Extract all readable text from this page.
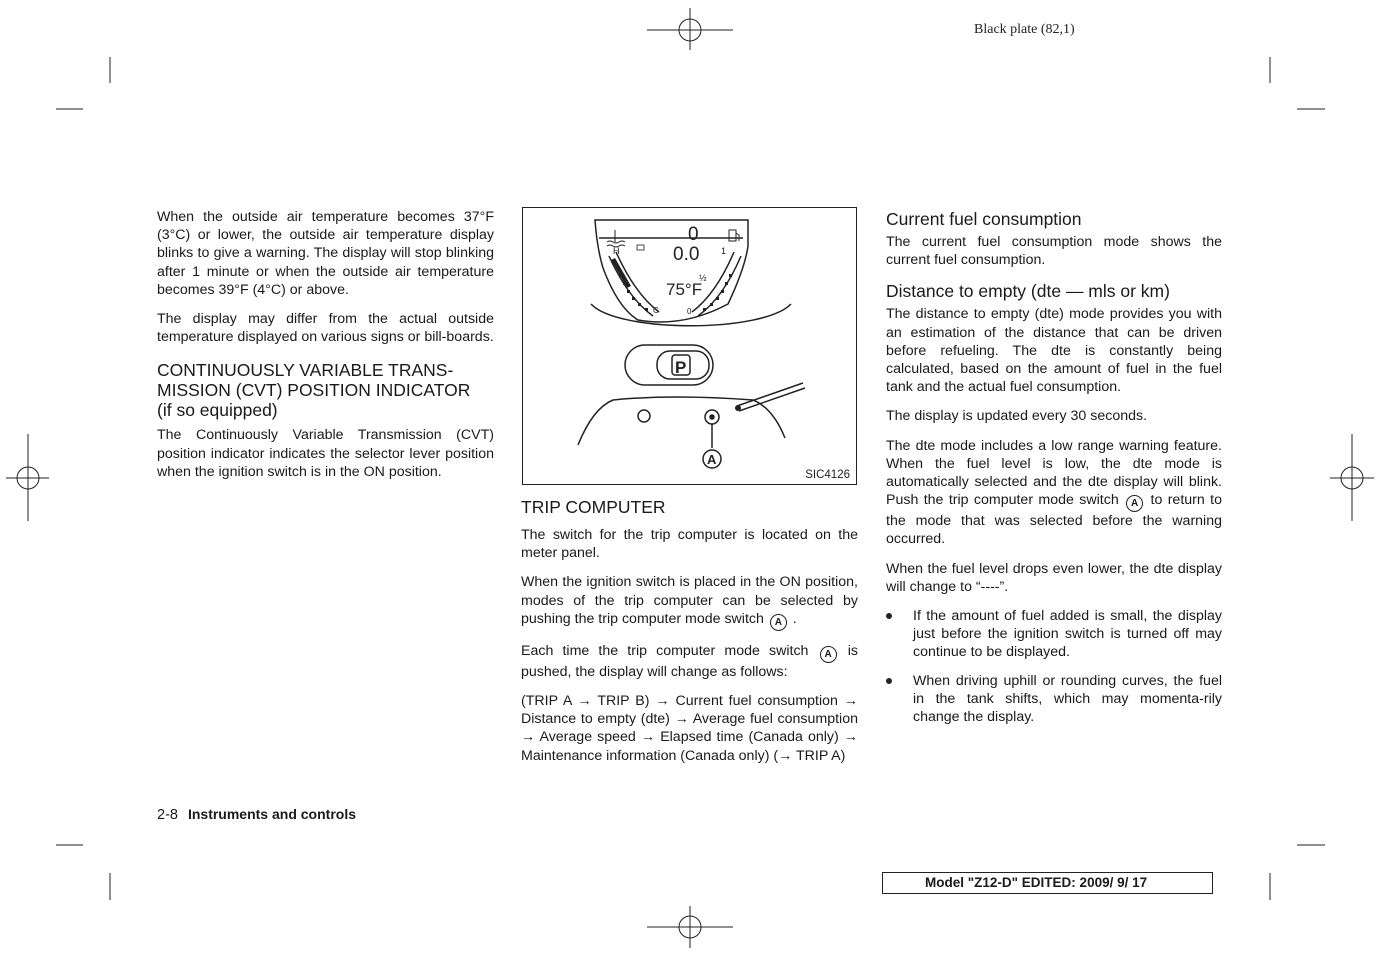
Black plate (82,1)

When the outside air temperature becomes 37°F (3°C) or lower, the outside air temperature display blinks to give a warning. The display will stop blinking after 1 minute or when the outside air temperature becomes 39°F (4°C) or above.

The display may differ from the actual outside temperature displayed on various signs or bill-boards.

CONTINUOUSLY VARIABLE TRANS-
MISSION (CVT) POSITION INDICATOR
(if so equipped)

The Continuously Variable Transmission (CVT) position indicator indicates the selector lever position when the ignition switch is in the ON position.

H
C
1
½
0
0
0.0
75°F
P
A
SIC4126
TRIP COMPUTER

The switch for the trip computer is located on the meter panel.

When the ignition switch is placed in the ON position, modes of the trip computer can be selected by pushing the trip computer mode switch A .

Each time the trip computer mode switch A is pushed, the display will change as follows:

(TRIP A → TRIP B) → Current fuel consumption → Distance to empty (dte) → Average fuel consumption → Average speed → Elapsed time (Canada only) → Maintenance information (Canada only) (→ TRIP A)

Current fuel consumption

The current fuel consumption mode shows the current fuel consumption.

Distance to empty (dte — mls or km)

The distance to empty (dte) mode provides you with an estimation of the distance that can be driven before refueling. The dte is constantly being calculated, based on the amount of fuel in the fuel tank and the actual fuel consumption.

The display is updated every 30 seconds.

The dte mode includes a low range warning feature. When the fuel level is low, the dte mode is automatically selected and the dte display will blink. Push the trip computer mode switch A to return to the mode that was selected before the warning occurred.

When the fuel level drops even lower, the dte display will change to “----”.

If the amount of fuel added is small, the display just before the ignition switch is turned off may continue to be displayed.
When driving uphill or rounding curves, the fuel in the tank shifts, which may momenta-rily change the display.
2-8 Instruments and controls
Model "Z12-D" EDITED: 2009/ 9/ 17
